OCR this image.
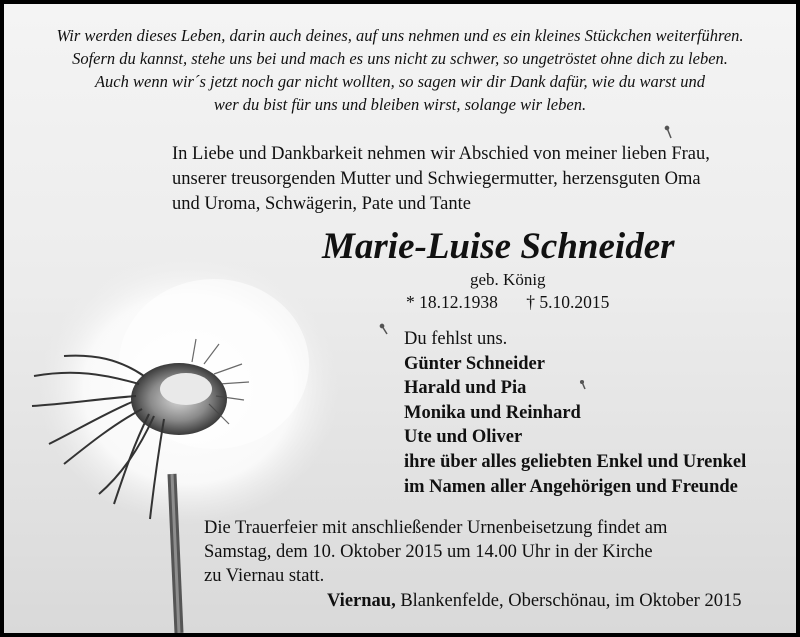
Wir werden dieses Leben, darin auch deines, auf uns nehmen und es ein kleines Stückchen weiterführen.
Sofern du kannst, stehe uns bei und mach es uns nicht zu schwer, so ungetröstet ohne dich zu leben.
Auch wenn wir´s jetzt noch gar nicht wollten, so sagen wir dir Dank dafür, wie du warst und
wer du bist für uns und bleiben wirst, solange wir leben.
In Liebe und Dankbarkeit nehmen wir Abschied von meiner lieben Frau,
unserer treusorgenden Mutter und Schwiegermutter, herzensguten Oma
und Uroma, Schwägerin, Pate und Tante
Marie-Luise Schneider
geb. König
* 18.12.1938 † 5.10.2015
Du fehlst uns.
Günter Schneider
Harald und Pia
Monika und Reinhard
Ute und Oliver
ihre über alles geliebten Enkel und Urenkel
im Namen aller Angehörigen und Freunde
Die Trauerfeier mit anschließender Urnenbeisetzung findet am
Samstag, dem 10. Oktober 2015 um 14.00 Uhr in der Kirche
zu Viernau statt.
Viernau, Blankenfelde, Oberschönau, im Oktober 2015
